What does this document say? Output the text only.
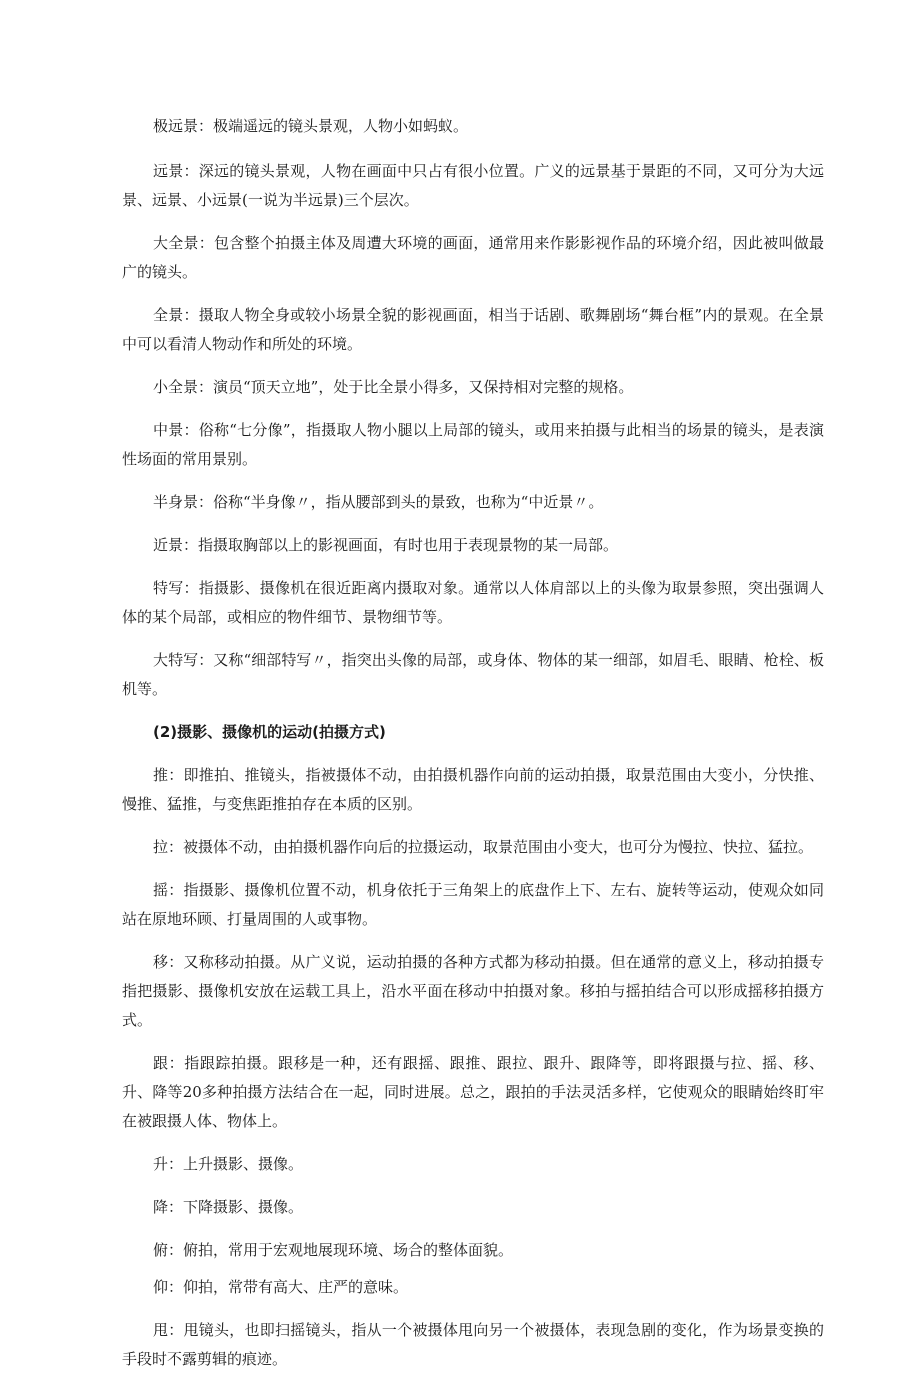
极远景：极端遥远的镜头景观，人物小如蚂蚁。

远景：深远的镜头景观，人物在画面中只占有很小位置。广义的远景基于景距的不同，又可分为大远景、远景、小远景(一说为半远景)三个层次。

大全景：包含整个拍摄主体及周遭大环境的画面，通常用来作影影视作品的环境介绍，因此被叫做最广的镜头。

全景：摄取人物全身或较小场景全貌的影视画面，相当于话剧、歌舞剧场“舞台框”内的景观。在全景中可以看清人物动作和所处的环境。

小全景：演员“顶天立地”，处于比全景小得多，又保持相对完整的规格。

中景：俗称“七分像”，指摄取人物小腿以上局部的镜头，或用来拍摄与此相当的场景的镜头，是表演性场面的常用景别。

半身景：俗称“半身像〃，指从腰部到头的景致，也称为“中近景〃。

近景：指摄取胸部以上的影视画面，有时也用于表现景物的某一局部。

特写：指摄影、摄像机在很近距离内摄取对象。通常以人体肩部以上的头像为取景参照，突出强调人体的某个局部，或相应的物件细节、景物细节等。

大特写：又称“细部特写〃，指突出头像的局部，或身体、物体的某一细部，如眉毛、眼睛、枪栓、板机等。

(2)摄影、摄像机的运动(拍摄方式)

推：即推拍、推镜头，指被摄体不动，由拍摄机器作向前的运动拍摄，取景范围由大变小，分快推、慢推、猛推，与变焦距推拍存在本质的区别。

拉：被摄体不动，由拍摄机器作向后的拉摄运动，取景范围由小变大，也可分为慢拉、快拉、猛拉。

摇：指摄影、摄像机位置不动，机身依托于三角架上的底盘作上下、左右、旋转等运动，使观众如同站在原地环顾、打量周围的人或事物。

移：又称移动拍摄。从广义说，运动拍摄的各种方式都为移动拍摄。但在通常的意义上，移动拍摄专指把摄影、摄像机安放在运载工具上，沿水平面在移动中拍摄对象。移拍与摇拍结合可以形成摇移拍摄方式。

跟：指跟踪拍摄。跟移是一种，还有跟摇、跟推、跟拉、跟升、跟降等，即将跟摄与拉、摇、移、升、降等20多种拍摄方法结合在一起，同时进展。总之，跟拍的手法灵活多样，它使观众的眼睛始终盯牢在被跟摄人体、物体上。

升：上升摄影、摄像。

降：下降摄影、摄像。

俯：俯拍，常用于宏观地展现环境、场合的整体面貌。

仰：仰拍，常带有高大、庄严的意味。

甩：甩镜头，也即扫摇镜头，指从一个被摄体甩向另一个被摄体，表现急剧的变化，作为场景变换的手段时不露剪辑的痕迹。
